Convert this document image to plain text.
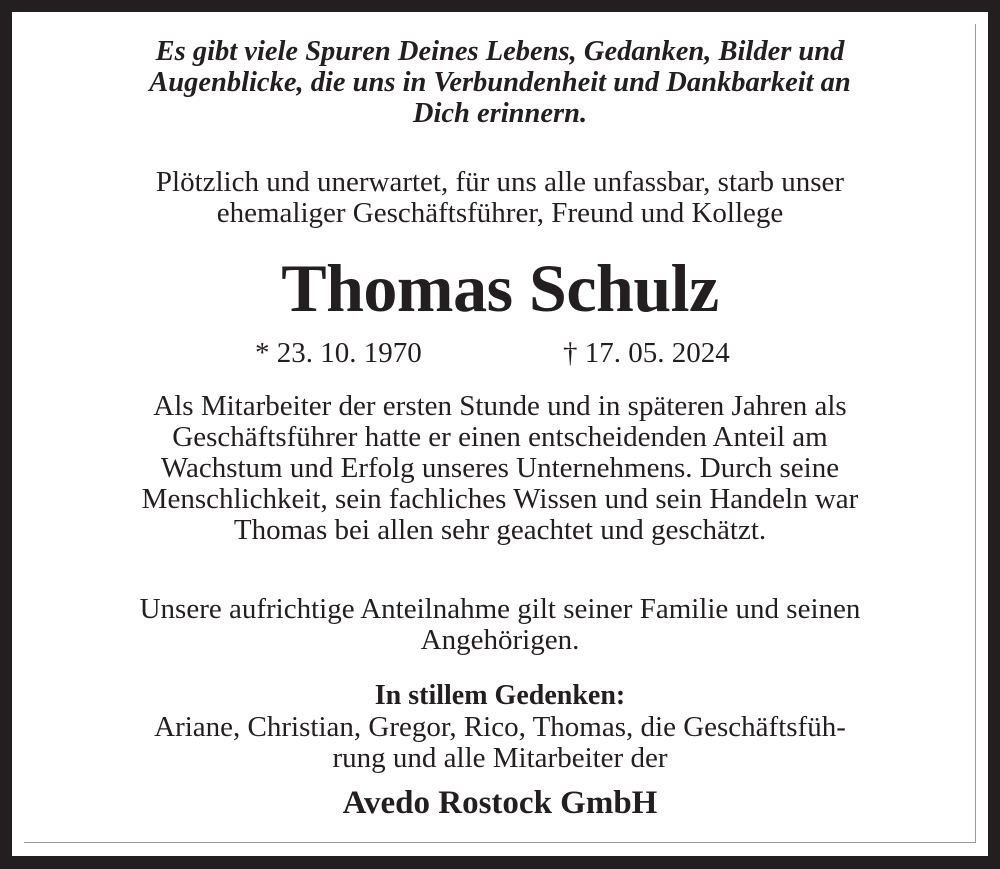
Es gibt viele Spuren Deines Lebens, Gedanken, Bilder und
Augenblicke, die uns in Verbundenheit und Dankbarkeit an
Dich erinnern.

Plötzlich und unerwartet, für uns alle unfassbar, starb unser
ehemaliger Geschäftsführer, Freund und Kollege

Thomas Schulz
* 23. 10. 1970	† 17. 05. 2024

Als Mitarbeiter der ersten Stunde und in späteren Jahren als
Geschäftsführer hatte er einen entscheidenden Anteil am
Wachstum und Erfolg unseres Unternehmens. Durch seine
Menschlichkeit, sein fachliches Wissen und sein Handeln war
Thomas bei allen sehr geachtet und geschätzt.

Unsere aufrichtige Anteilnahme gilt seiner Familie und seinen
Angehörigen.

In stillem Gedenken:

Ariane, Christian, Gregor, Rico, Thomas, die Geschäftsfüh-
rung und alle Mitarbeiter der

Avedo Rostock GmbH
